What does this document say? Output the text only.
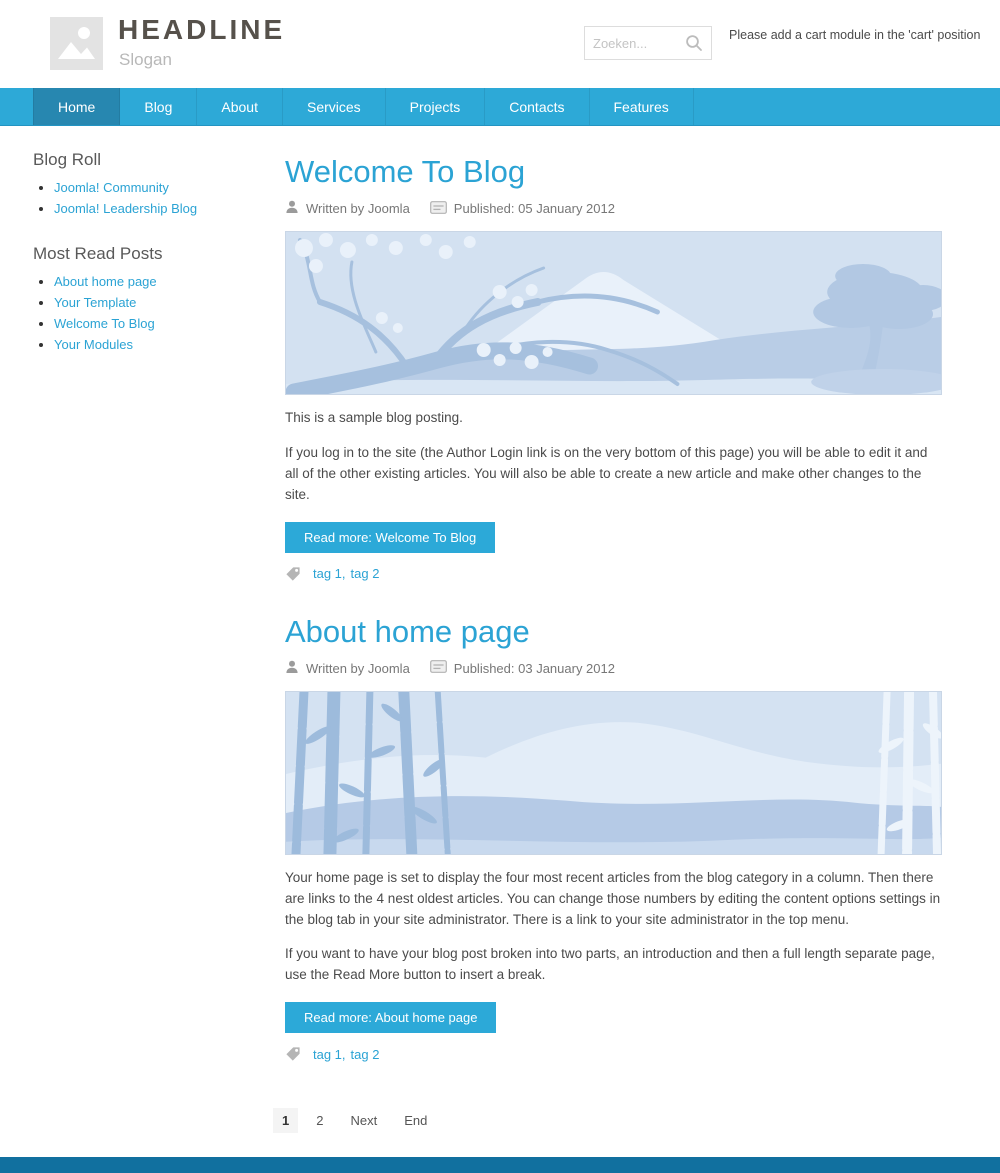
HEADLINE
Slogan
Zoeken...
Please add a cart module in the 'cart' position
Home	Blog	About	Services	Projects	Contacts	Features
Blog Roll
• Joomla! Community
• Joomla! Leadership Blog
Most Read Posts
• About home page
• Your Template
• Welcome To Blog
• Your Modules
Welcome To Blog
Written by Joomla	Published: 05 January 2012

This is a sample blog posting.

If you log in to the site (the Author Login link is on the very bottom of this page) you will be able to edit it and all of the other existing articles. You will also be able to create a new article and make other changes to the site.

Read more: Welcome To Blog
tag 1 , tag 2
About home page
Written by Joomla	Published: 03 January 2012

Your home page is set to display the four most recent articles from the blog category in a column. Then there are links to the 4 nest oldest articles. You can change those numbers by editing the content options settings in the blog tab in your site administrator. There is a link to your site administrator in the top menu.

If you want to have your blog post broken into two parts, an introduction and then a full length separate page, use the Read More button to insert a break.

Read more: About home page
tag 1 , tag 2
1	2	Next	End
